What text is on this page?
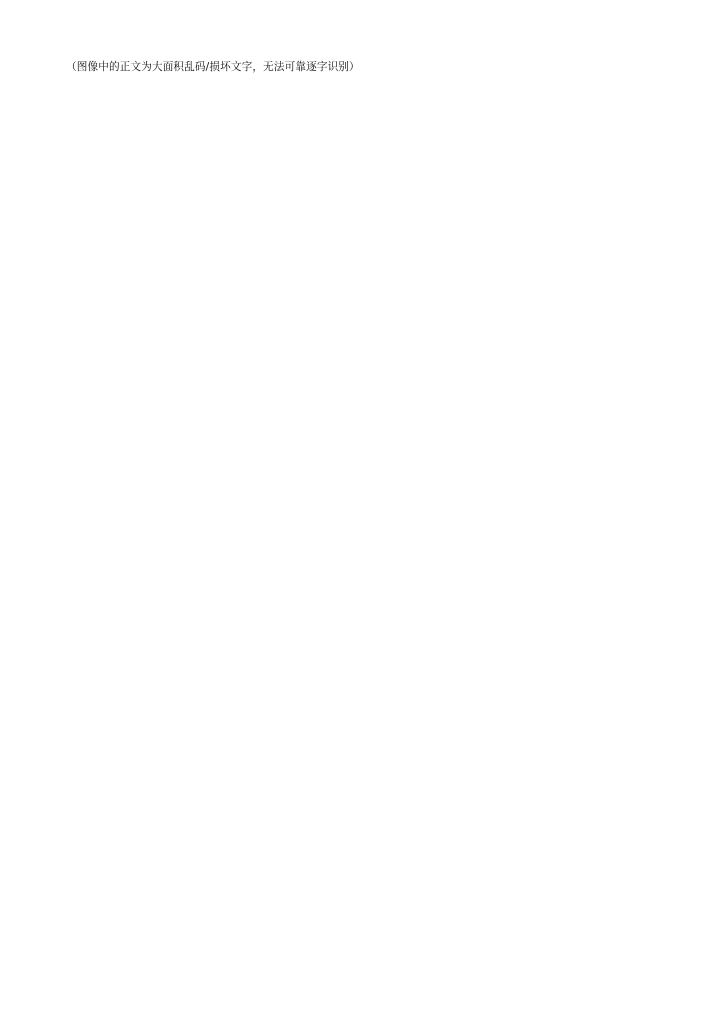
（图像中的正文为大面积乱码/损坏文字，无法可靠逐字识别）
